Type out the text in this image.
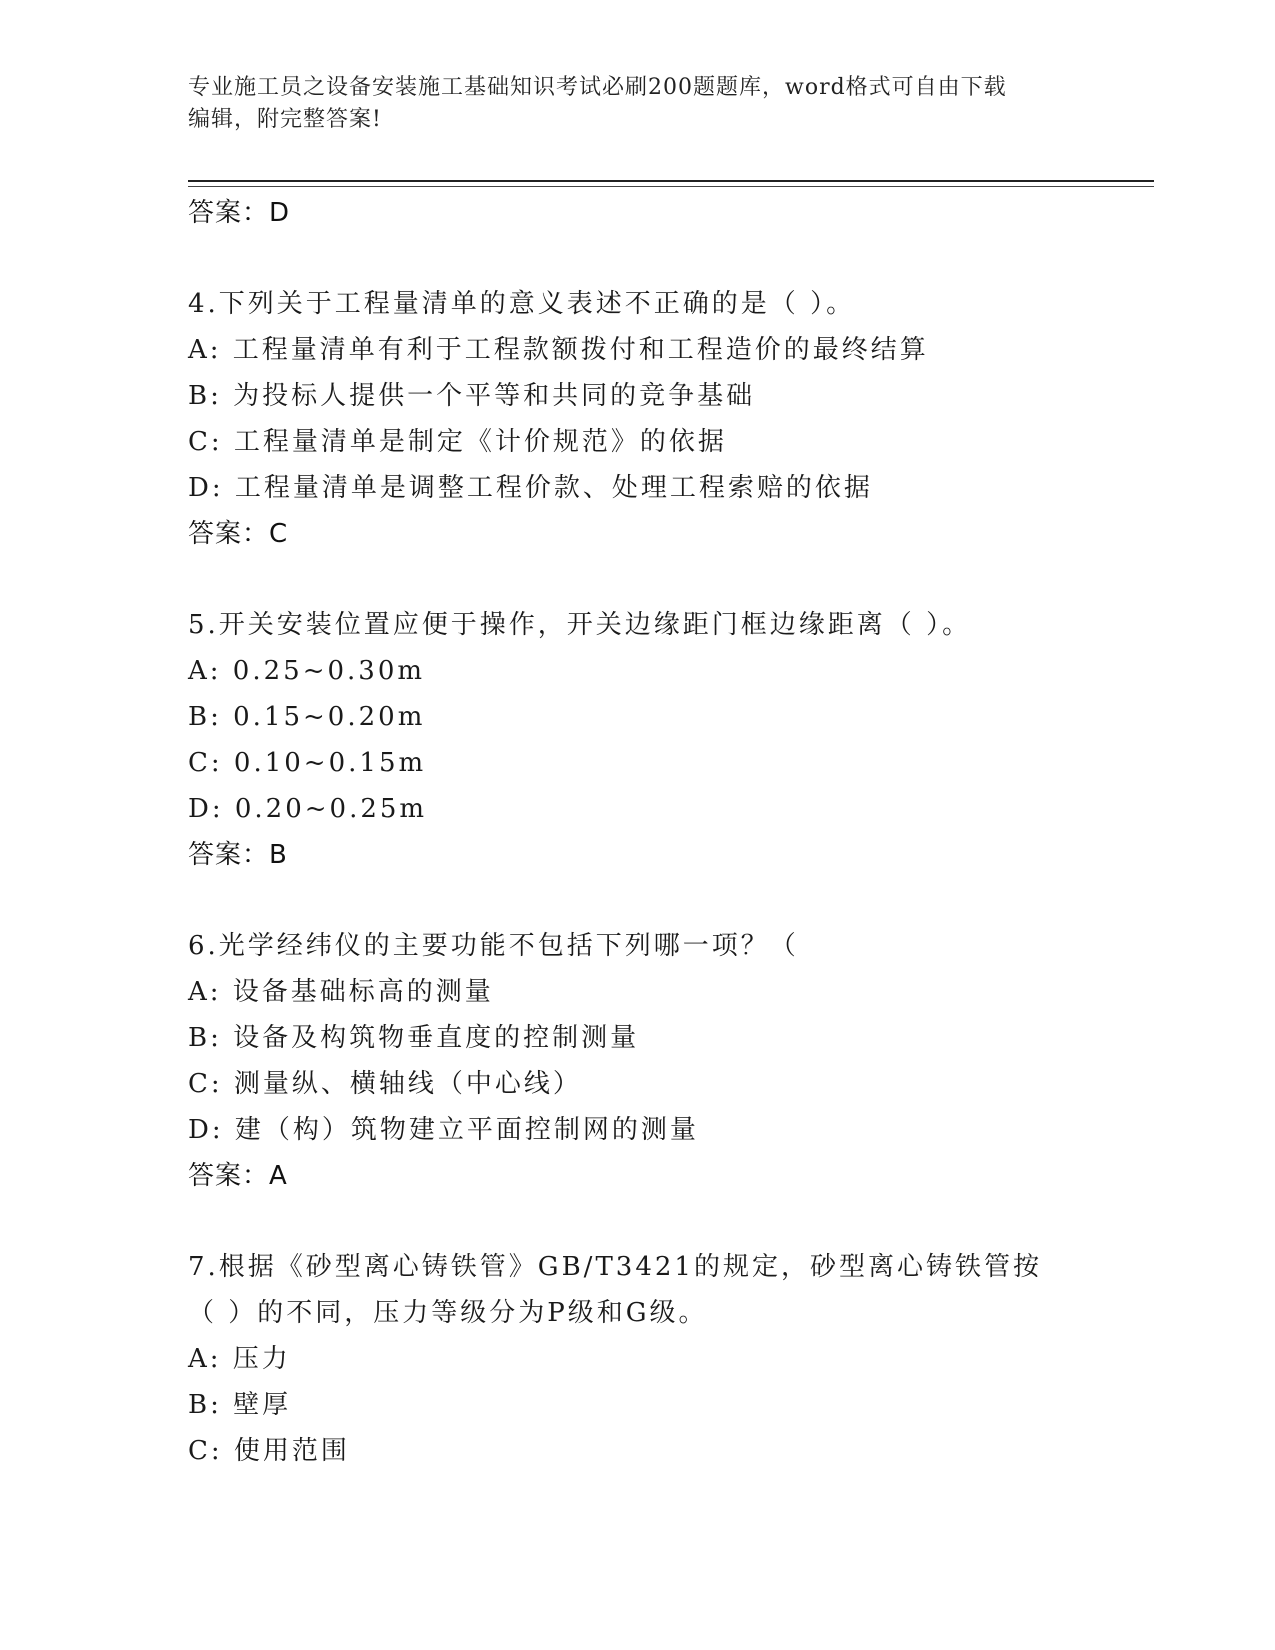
专业施工员之设备安装施工基础知识考试必刷200题题库，word格式可自由下载
编辑，附完整答案!
答案：D
4.下列关于工程量清单的意义表述不正确的是（ ）。
A: 工程量清单有利于工程款额拨付和工程造价的最终结算
B: 为投标人提供一个平等和共同的竞争基础
C: 工程量清单是制定《计价规范》的依据
D: 工程量清单是调整工程价款、处理工程索赔的依据
答案：C
5.开关安装位置应便于操作，开关边缘距门框边缘距离（ ）。
A: 0.25~0.30m
B: 0.15~0.20m
C: 0.10~0.15m
D: 0.20~0.25m
答案：B
6.光学经纬仪的主要功能不包括下列哪一项？（
A: 设备基础标高的测量
B: 设备及构筑物垂直度的控制测量
C: 测量纵、横轴线（中心线）
D: 建（构）筑物建立平面控制网的测量
答案：A
7.根据《砂型离心铸铁管》GB/T3421的规定，砂型离心铸铁管按（ ）的不同，压力等级分为P级和G级。
A: 压力
B: 壁厚
C: 使用范围
